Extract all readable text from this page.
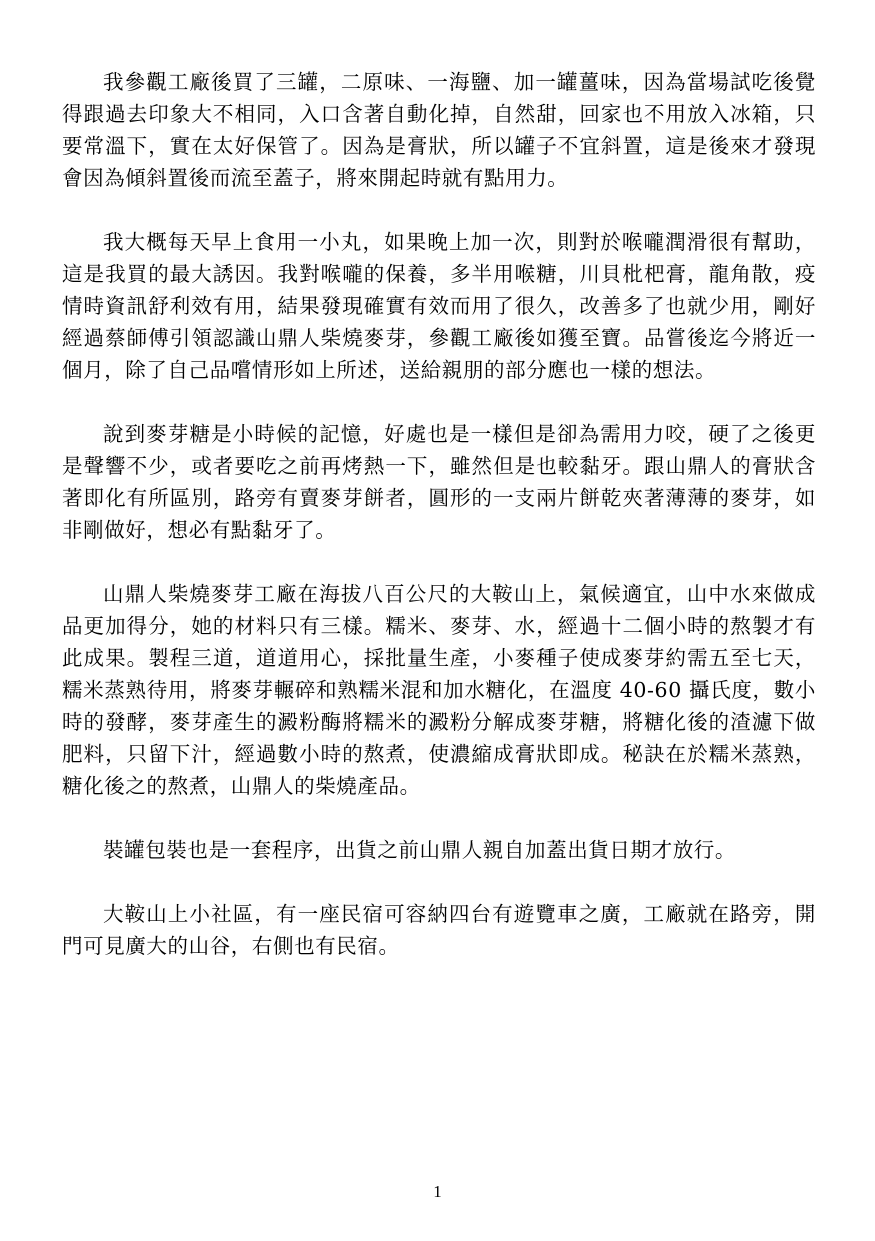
我參觀工廠後買了三罐，二原味、一海鹽、加一罐薑味，因為當場試吃後覺得跟過去印象大不相同，入口含著自動化掉，自然甜，回家也不用放入冰箱，只要常溫下，實在太好保管了。因為是膏狀，所以罐子不宜斜置，這是後來才發現會因為傾斜置後而流至蓋子，將來開起時就有點用力。

我大概每天早上食用一小丸，如果晚上加一次，則對於喉嚨潤滑很有幫助，這是我買的最大誘因。我對喉嚨的保養，多半用喉糖，川貝枇杷膏，龍角散，疫情時資訊舒利效有用，結果發現確實有效而用了很久，改善多了也就少用，剛好經過蔡師傅引領認識山鼎人柴燒麥芽，參觀工廠後如獲至寶。品嘗後迄今將近一個月，除了自己品嚐情形如上所述，送給親朋的部分應也一樣的想法。

說到麥芽糖是小時候的記憶，好處也是一樣但是卻為需用力咬，硬了之後更是聲響不少，或者要吃之前再烤熱一下，雖然但是也較黏牙。跟山鼎人的膏狀含著即化有所區別，路旁有賣麥芽餅者，圓形的一支兩片餅乾夾著薄薄的麥芽，如非剛做好，想必有點黏牙了。

山鼎人柴燒麥芽工廠在海拔八百公尺的大鞍山上，氣候適宜，山中水來做成品更加得分，她的材料只有三樣。糯米、麥芽、水，經過十二個小時的熬製才有此成果。製程三道，道道用心，採批量生產，小麥種子使成麥芽約需五至七天，糯米蒸熟待用，將麥芽輾碎和熟糯米混和加水糖化，在溫度 40-60 攝氏度，數小時的發酵，麥芽產生的澱粉酶將糯米的澱粉分解成麥芽糖，將糖化後的渣濾下做肥料，只留下汁，經過數小時的熬煮，使濃縮成膏狀即成。秘訣在於糯米蒸熟，糖化後之的熬煮，山鼎人的柴燒產品。

裝罐包裝也是一套程序，出貨之前山鼎人親自加蓋出貨日期才放行。

大鞍山上小社區，有一座民宿可容納四台有遊覽車之廣，工廠就在路旁，開門可見廣大的山谷，右側也有民宿。

1
